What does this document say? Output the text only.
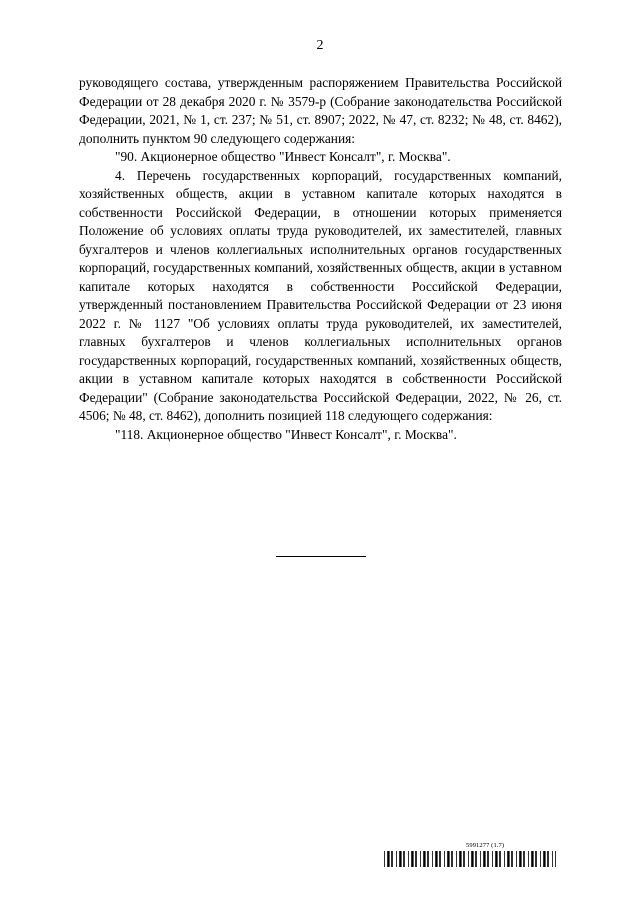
2

руководящего состава, утвержденным распоряжением Правительства Российской Федерации от 28 декабря 2020 г. № 3579-р (Собрание законодательства Российской Федерации, 2021, № 1, ст. 237; № 51, ст. 8907; 2022, № 47, ст. 8232; № 48, ст. 8462), дополнить пунктом 90 следующего содержания:

"90. Акционерное общество "Инвест Консалт", г. Москва".

4. Перечень государственных корпораций, государственных компаний, хозяйственных обществ, акции в уставном капитале которых находятся в собственности Российской Федерации, в отношении которых применяется Положение об условиях оплаты труда руководителей, их заместителей, главных бухгалтеров и членов коллегиальных исполнительных органов государственных корпораций, государственных компаний, хозяйственных обществ, акции в уставном капитале которых находятся в собственности Российской Федерации, утвержденный постановлением Правительства Российской Федерации от 23 июня 2022 г. № 1127 "Об условиях оплаты труда руководителей, их заместителей, главных бухгалтеров и членов коллегиальных исполнительных органов государственных корпораций, государственных компаний, хозяйственных обществ, акции в уставном капитале которых находятся в собственности Российской Федерации" (Собрание законодательства Российской Федерации, 2022, № 26, ст. 4506; № 48, ст. 8462), дополнить позицией 118 следующего содержания:

"118. Акционерное общество "Инвест Консалт", г. Москва".

5991277 (1.7)
